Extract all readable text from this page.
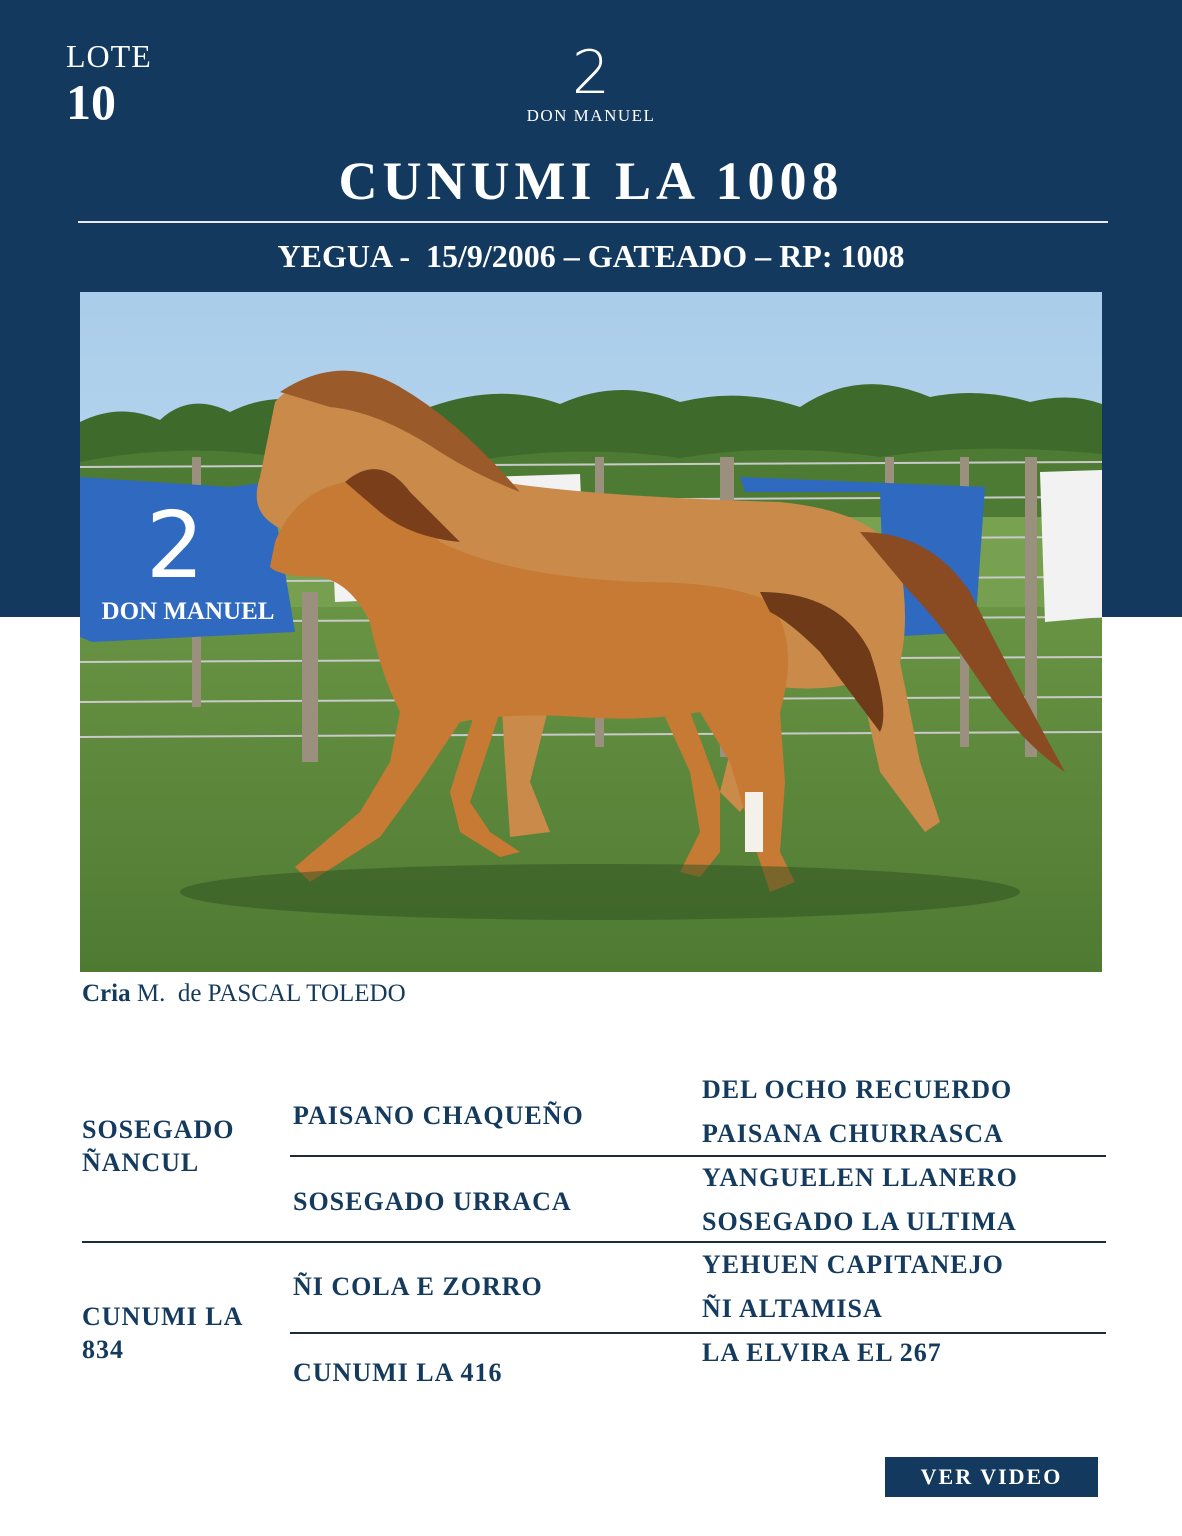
LOTE
10	2
DON MANUEL
CUNUMI LA 1008
YEGUA -  15/9/2006 – GATEADO – RP: 1008
2
DON MANUEL
Cria M.  de PASCAL TOLEDO
SOSEGADO ÑANCUL
CUNUMI LA 834
PAISANO CHAQUEÑO
SOSEGADO URRACA
ÑI COLA E ZORRO
CUNUMI LA 416
DEL OCHO RECUERDO
PAISANA CHURRASCA
YANGUELEN LLANERO
SOSEGADO LA ULTIMA
YEHUEN CAPITANEJO
ÑI ALTAMISA
LA ELVIRA EL 267
VER VIDEO
